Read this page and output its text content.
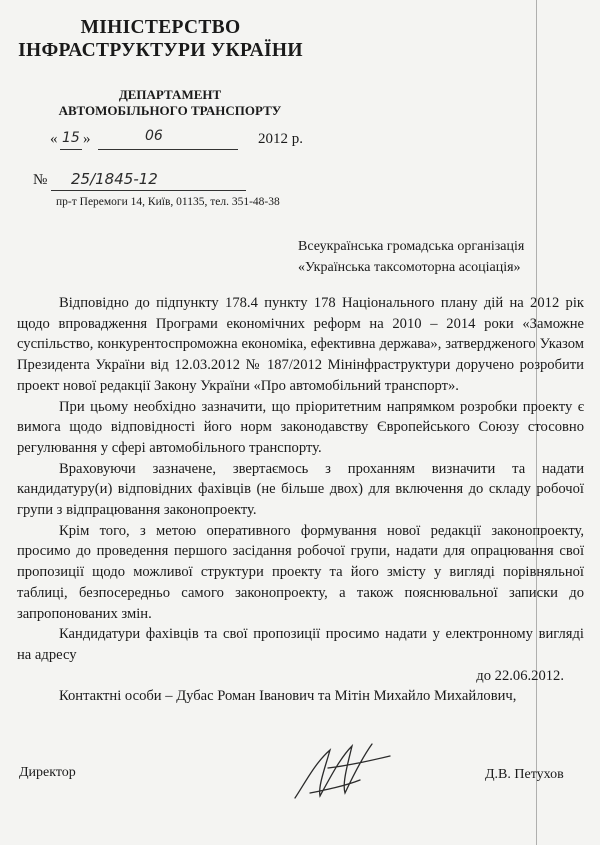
МІНІСТЕРСТВО
ІНФРАСТРУКТУРИ УКРАЇНИ
ДЕПАРТАМЕНТ
АВТОМОБІЛЬНОГО ТРАНСПОРТУ
« 15 »	06	2012 р.
№ 25/1845-12
пр-т Перемоги 14, Київ, 01135, тел. 351-48-38
Всеукраїнська громадська організація
«Українська таксомоторна асоціація»

Відповідно до підпункту 178.4 пункту 178 Національного плану дій на 2012 рік щодо впровадження Програми економічних реформ на 2010 – 2014 роки «Заможне суспільство, конкурентоспроможна економіка, ефективна держава», затвердженого Указом Президента України від 12.03.2012 № 187/2012 Мінінфраструктури доручено розробити проект нової редакції Закону України «Про автомобільний транспорт».

При цьому необхідно зазначити, що пріоритетним напрямком розробки проекту є вимога щодо відповідності його норм законодавству Європейського Союзу стосовно регулювання у сфері автомобільного транспорту.

Враховуючи зазначене, звертаємось з проханням визначити та надати кандидатуру(и) відповідних фахівців (не більше двох) для включення до складу робочої групи з відпрацювання законопроекту.

Крім того, з метою оперативного формування нової редакції законопроекту, просимо до проведення першого засідання робочої групи, надати для опрацювання свої пропозиції щодо можливої структури проекту та його змісту у вигляді порівняльної таблиці, безпосередньо самого законопроекту, а також пояснювальної записки до запропонованих змін.

Кандидатури фахівців та свої пропозиції просимо надати у електронному вигляді на адресу
до 22.06.2012.

Контактні особи – Дубас Роман Іванович та Мітін Михайло Михайлович,

Директор	Д.В. Петухов
